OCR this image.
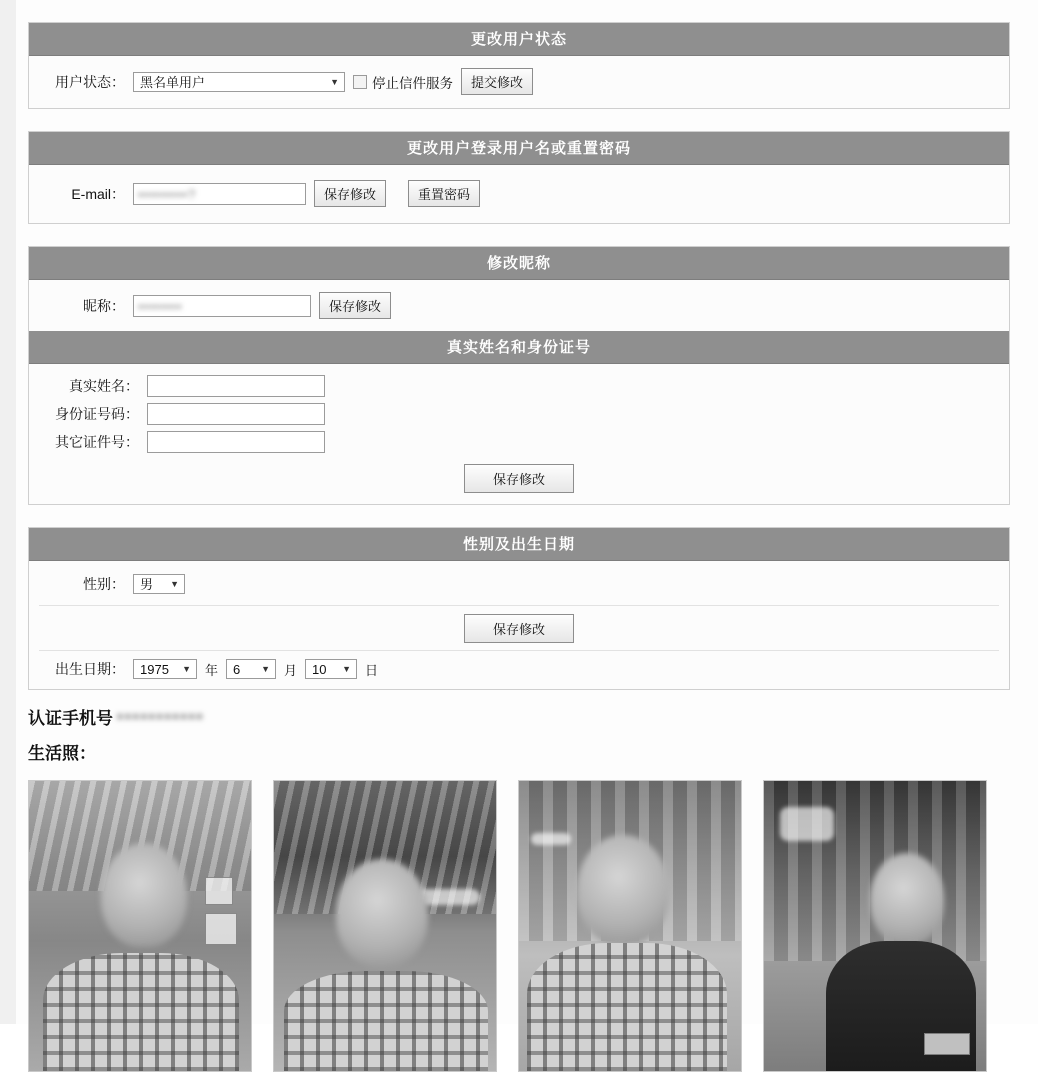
更改用户状态
用户状态：	黑名单用户	▼ 停止信件服务	提交修改
更改用户登录用户名或重置密码
E-mail：	•••••••••?	保存修改	重置密码
修改昵称
昵称：	••••••••	保存修改
真实姓名和身份证号
真实姓名：
身份证号码：
其它证件号：
保存修改
性别及出生日期
性别：	男 ▼
保存修改
出生日期：	1975 ▼ 年	6 ▼ 月	10 ▼ 日
认证手机号 •••••••••••
生活照：
